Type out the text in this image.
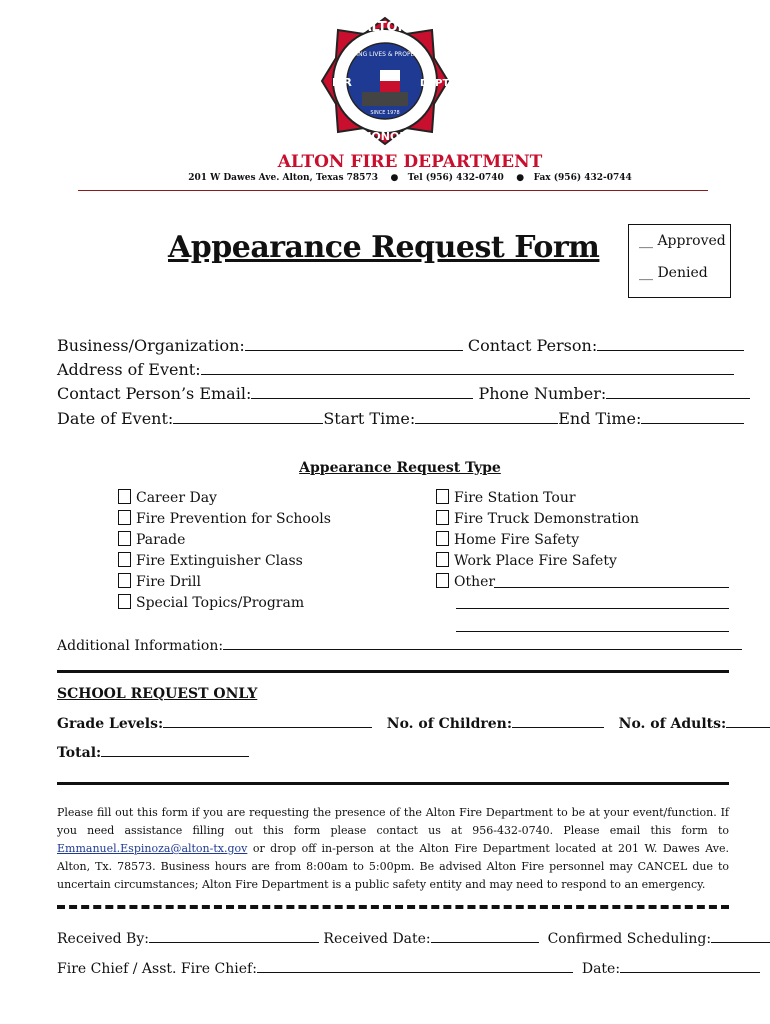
ALTON
F R	DEPT
HONOR
SAVING LIVES & PROPERTY
SINCE 1978
ALTON FIRE DEPARTMENT
201 W Dawes Ave. Alton, Texas 78573 ● Tel (956) 432-0740 ● Fax (956) 432-0744
Appearance Request Form	__ Approved
__ Denied
Business/Organization:	Contact Person:
Address of Event:
Contact Person’s Email:	Phone Number:
Date of Event:	Start Time:	End Time:
Appearance Request Type
Career Day
Fire Prevention for Schools
Parade
Fire Extinguisher Class
Fire Drill
Special Topics/Program
Fire Station Tour
Fire Truck Demonstration
Home Fire Safety
Work Place Fire Safety
Other
Additional Information:
SCHOOL REQUEST ONLY
Grade Levels:	No. of Children:	No. of Adults:
Total:
Please fill out this form if you are requesting the presence of the Alton Fire Department to be at your event/function. If you need assistance filling out this form please contact us at 956-432-0740. Please email this form to Emmanuel.Espinoza@alton-tx.gov or drop off in-person at the Alton Fire Department located at 201 W. Dawes Ave. Alton, Tx. 78573. Business hours are from 8:00am to 5:00pm. Be advised Alton Fire personnel may CANCEL due to uncertain circumstances; Alton Fire Department is a public safety entity and may need to respond to an emergency.
Received By:	Received Date:	Confirmed Scheduling:
Fire Chief / Asst. Fire Chief:	Date:
